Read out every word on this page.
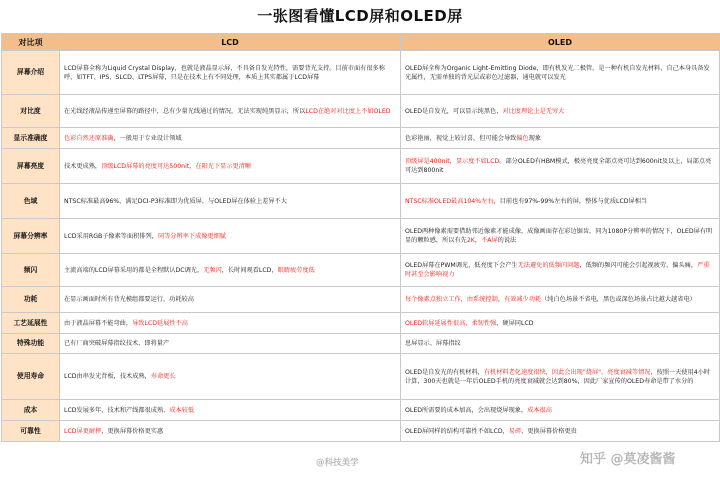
一张图看懂LCD屏和OLED屏
对比项	LCD	OLED
屏幕介绍	LCD屏幕全称为Liquid Crystal Display，也就是液晶显示屏，不具备自发光特性，需要背光支持。目前市面有很多称呼，如TFT、IPS、SLCD、LTPS屏幕，只是在技术上有不同处理，本质上其实都属于LCD屏幕	OLED屏全称为Organic Light-Emitting Diode，即有机发光二极管。是一种有机自发光材料，自己本身具备发光属性，无需单独的背光层或彩色过滤器，通电就可以发光
对比度	在光线经液晶传递至屏幕的路径中，总有少量光线通过的情况，无法实现纯黑显示，所以LCD在绝对对比度上不如OLED	OLED是自发光，可以显示纯黑色，对比度理论上是无穷大
显示准确度	色彩自然还原准确，一般用于专业设计领域	色彩艳丽，视觉上较讨喜，但可能会导致偏色现象
屏幕亮度	技术更成熟，顶级LCD屏幕的亮度可达500nit，在阳光下显示更清晰	顶级屏是400nit，显示度不如LCD。部分OLED有HBM模式，极亮亮度全部点亮可达到600nit及以上，局部点亮可达到800nit
色域	NTSC标准最高96%，满足DCI-P3标准即为优质屏，与OLED屏在体验上差异不大	NTSC标准OLED最高104%左右，目前也有97%-99%左右的屏，整体与优质LCD屏相当
屏幕分辨率	LCD采用RGB子像素等面积排列，同等分辨率下成像更细腻	OLED两种像素需要借助邻近像素才能成像，成像画面存在彩边锯齿，同为1080P分辨率的情况下，OLED屏有明显的颗粒感，所以有先2K，不A屏的说法
频闪	主流高端的LCD屏幕采用的都是全程默认DC调光，无频闪，长时间观看LCD，眼睛疲劳度低	OLED屏幕在PWM调光，低亮度下会产生无法避免的低频闪问题，低频的频闪可能会引起视疲劳、偏头痛，严重时甚至会影响视力
功耗	在显示画面时所有背光模组都要运行，功耗较高	每个像素点独立工作，由系统控制，有效减少功耗（纯白色场景不省电，黑色或深色场景占比越大越省电）
工艺延展性	由于液晶屏幕不能弯曲，导致LCD延展性不高	OLED软屏延展性很高，柔韧性强，硬屏同LCD
特殊功能	已有厂商突破屏幕指纹技术，即将量产	息屏显示、屏幕指纹
使用寿命	LCD由串发光背板，技术成熟，寿命更长	OLED是自发光的有机材料，有机材料老化速度很快，因此会出现"烧屏"、亮度衰减等情况，按照一天使用4小时计算，300天也就是一年后OLED手机的亮度衰减就会达到80%，因此厂家宣传的OLED寿命是带了水分的
成本	LCD发展多年，技术和产线都很成熟，成本较低	OLED所需要的成本加高，会出现烧屏现象，成本很高
可靠性	LCD屏更耐摔，更换屏幕价格更实惠	OLED屏同样的结构可靠性不如LCD，易碎，更换屏幕价格更贵
@科技美学	知乎 @莫凌酱酱
